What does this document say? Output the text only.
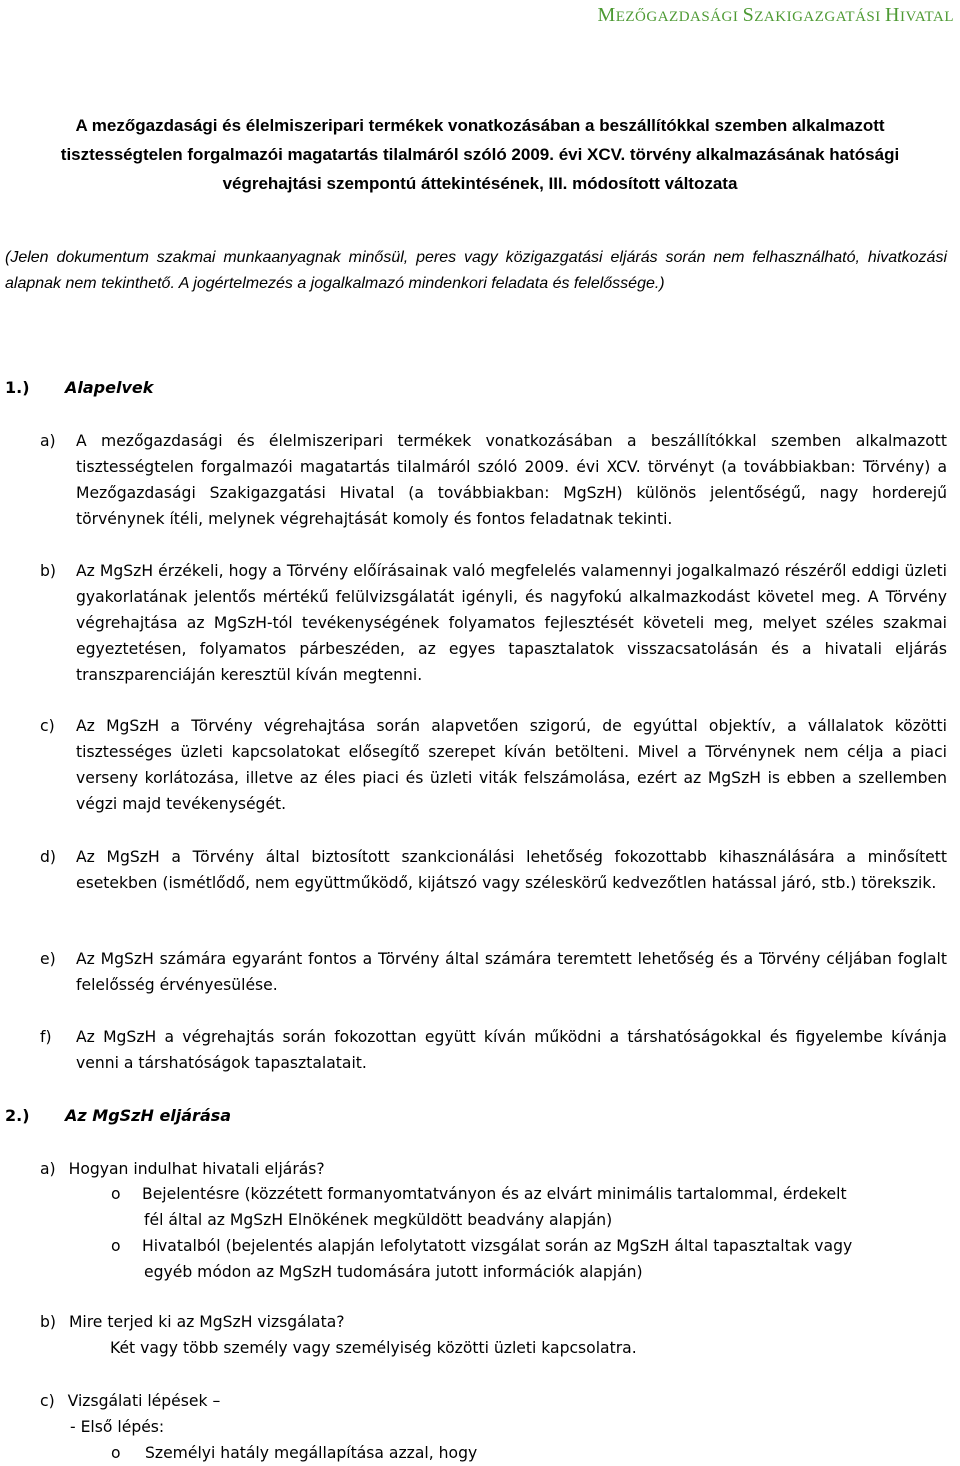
MEZŐGAZDASÁGI SZAKIGAZGATÁSI HIVATAL
A mezőgazdasági és élelmiszeripari termékek vonatkozásában a beszállítókkal szemben alkalmazott
tisztességtelen forgalmazói magatartás tilalmáról szóló 2009. évi XCV. törvény alkalmazásának hatósági
végrehajtási szempontú áttekintésének, III. módosított változata
(Jelen dokumentum szakmai munkaanyagnak minősül, peres vagy közigazgatási eljárás során nem felhasználható, hivatkozási alapnak nem tekinthető. A jogértelmezés a jogalkalmazó mindenkori feladata és felelőssége.)
1.) Alapelvek
a) A mezőgazdasági és élelmiszeripari termékek vonatkozásában a beszállítókkal szemben alkalmazott tisztességtelen forgalmazói magatartás tilalmáról szóló 2009. évi XCV. törvényt (a továbbiakban: Törvény) a Mezőgazdasági Szakigazgatási Hivatal (a továbbiakban: MgSzH) különös jelentőségű, nagy horderejű törvénynek ítéli, melynek végrehajtását komoly és fontos feladatnak tekinti.
b) Az MgSzH érzékeli, hogy a Törvény előírásainak való megfelelés valamennyi jogalkalmazó részéről eddigi üzleti gyakorlatának jelentős mértékű felülvizsgálatát igényli, és nagyfokú alkalmazkodást követel meg. A Törvény végrehajtása az MgSzH-tól tevékenységének folyamatos fejlesztését követeli meg, melyet széles szakmai egyeztetésen, folyamatos párbeszéden, az egyes tapasztalatok visszacsatolásán és a hivatali eljárás transzparenciáján keresztül kíván megtenni.
c) Az MgSzH a Törvény végrehajtása során alapvetően szigorú, de egyúttal objektív, a vállalatok közötti tisztességes üzleti kapcsolatokat elősegítő szerepet kíván betölteni. Mivel a Törvénynek nem célja a piaci verseny korlátozása, illetve az éles piaci és üzleti viták felszámolása, ezért az MgSzH is ebben a szellemben végzi majd tevékenységét.
d) Az MgSzH a Törvény által biztosított szankcionálási lehetőség fokozottabb kihasználására a minősített esetekben (ismétlődő, nem együttműködő, kijátszó vagy széleskörű kedvezőtlen hatással járó, stb.) törekszik.
e) Az MgSzH számára egyaránt fontos a Törvény által számára teremtett lehetőség és a Törvény céljában foglalt felelősség érvényesülése.
f) Az MgSzH a végrehajtás során fokozottan együtt kíván működni a társhatóságokkal és figyelembe kívánja venni a társhatóságok tapasztalatait.
2.) Az MgSzH eljárása
a) Hogyan indulhat hivatali eljárás?
o Bejelentésre (közzétett formanyomtatványon és az elvárt minimális tartalommal, érdekelt
fél által az MgSzH Elnökének megküldött beadvány alapján)
o Hivatalból (bejelentés alapján lefolytatott vizsgálat során az MgSzH által tapasztaltak vagy
egyéb módon az MgSzH tudomására jutott információk alapján)
b) Mire terjed ki az MgSzH vizsgálata?
Két vagy több személy vagy személyiség közötti üzleti kapcsolatra.
c) Vizsgálati lépések –
- Első lépés:
o Személyi hatály megállapítása azzal, hogy
